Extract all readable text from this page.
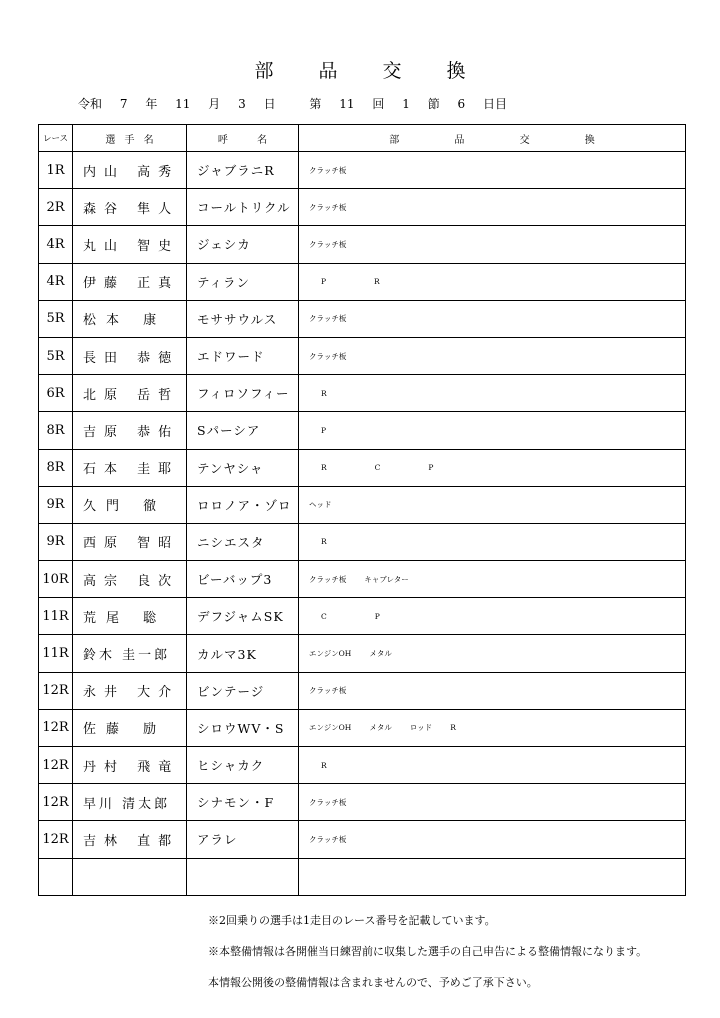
部	品	交	換
令和 7 年 11 月 3 日	第 11 回 1 節 6 日目
レース	選 手 名	呼 名	部 品 交 換
1R	内山 高秀	ジャブラニR	クラッチ板
2R	森谷 隼人	コールトリクル	クラッチ板
4R	丸山 智史	ジェシカ	クラッチ板
4R	伊藤 正真	ティラン	P R
5R	松本 康	モササウルス	クラッチ板
5R	長田 恭徳	エドワード	クラッチ板
6R	北原 岳哲	フィロソフィー	R
8R	吉原 恭佑	Sパーシア	P
8R	石本 圭耶	テンヤシャ	R C P
9R	久門 徹	ロロノア・ゾロ	ヘッド
9R	西原 智昭	ニシエスタ	R
10R	高宗 良次	ビーバップ3	クラッチ板 キャブレター
11R	荒尾 聡	デフジャムSK	C P
11R	鈴木 圭一郎	カルマ3K	エンジンOH メタル
12R	永井 大介	ビンテージ	クラッチ板
12R	佐藤 励	シロウWV・S	エンジンOH メタル ロッド R
12R	丹村 飛竜	ヒシャカク	R
12R	早川 清太郎	シナモン・F	クラッチ板
12R	吉林 直都	アラレ	クラッチ板

※2回乗りの選手は1走目のレース番号を記載しています。
※本整備情報は各開催当日練習前に収集した選手の自己申告による整備情報になります。
本情報公開後の整備情報は含まれませんので、予めご了承下さい。
